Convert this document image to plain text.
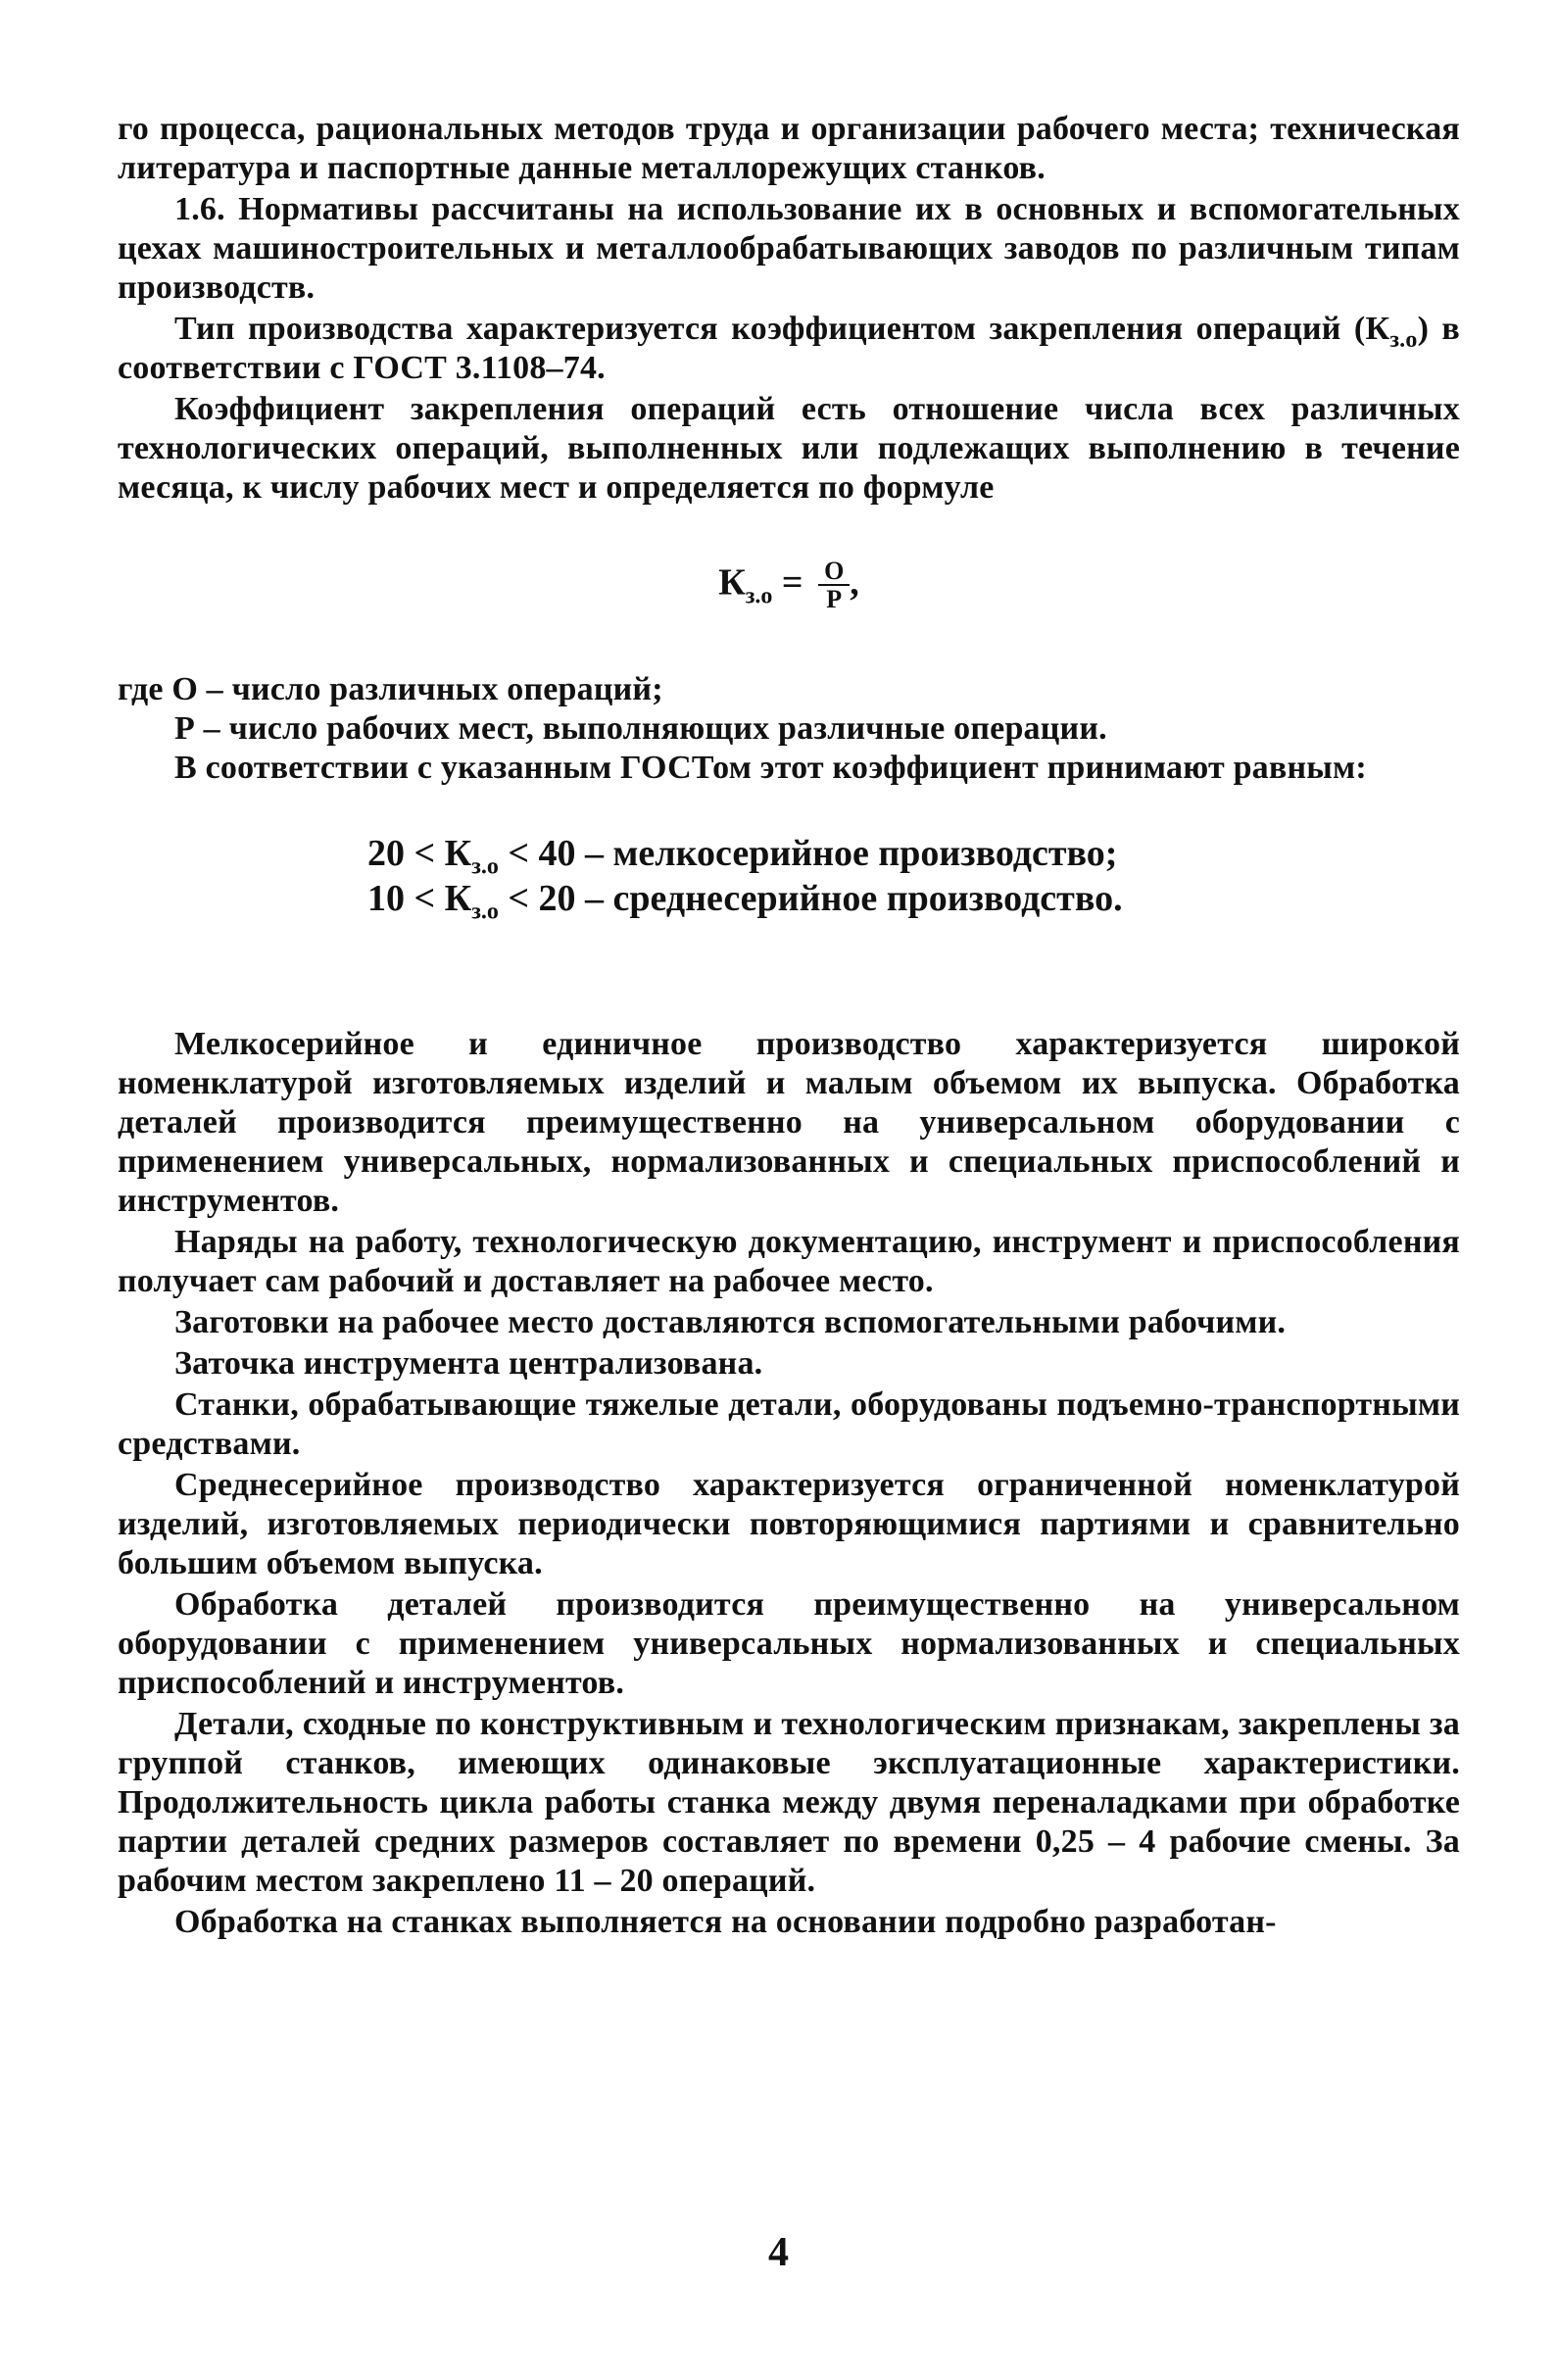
го процесса, рациональных методов труда и организации рабочего места; техническая литература и паспортные данные металлорежущих станков.

1.6. Нормативы рассчитаны на использование их в основных и вспомогательных цехах машиностроительных и металлообрабатывающих заводов по различным типам производств.

Тип производства характеризуется коэффициентом закрепления операций $(К_{з.о})$ в соответствии с ГОСТ 3.1108–74.

Коэффициент закрепления операций есть отношение числа всех различных технологических операций, выполненных или подлежащих выполнению в течение месяца, к числу рабочих мест и определяется по формуле

$К_{з.о} = \frac{О}{Р}$ ,

где О – число различных операций;

Р – число рабочих мест, выполняющих различные операции.

В соответствии с указанным ГОСТом этот коэффициент принимают равным:

$20 < К_{з.о} < 40$ – мелкосерийное производство;
$10 < К_{з.о} < 20$ – среднесерийное производство.

Мелкосерийное и единичное производство характеризуется широкой номенклатурой изготовляемых изделий и малым объемом их выпуска. Обработка деталей производится преимущественно на универсальном оборудовании с применением универсальных, нормализованных и специальных приспособлений и инструментов.

Наряды на работу, технологическую документацию, инструмент и приспособления получает сам рабочий и доставляет на рабочее место.

Заготовки на рабочее место доставляются вспомогательными рабочими.

Заточка инструмента централизована.

Станки, обрабатывающие тяжелые детали, оборудованы подъемно-транспортными средствами.

Среднесерийное производство характеризуется ограниченной номенклатурой изделий, изготовляемых периодически повторяющимися партиями и сравнительно большим объемом выпуска.

Обработка деталей производится преимущественно на универсальном оборудовании с применением универсальных нормализованных и специальных приспособлений и инструментов.

Детали, сходные по конструктивным и технологическим признакам, закреплены за группой станков, имеющих одинаковые эксплуатационные характеристики. Продолжительность цикла работы станка между двумя переналадками при обработке партии деталей средних размеров составляет по времени 0,25 – 4 рабочие смены. За рабочим местом закреплено 11 – 20 операций.

Обработка на станках выполняется на основании подробно разработан-

4
